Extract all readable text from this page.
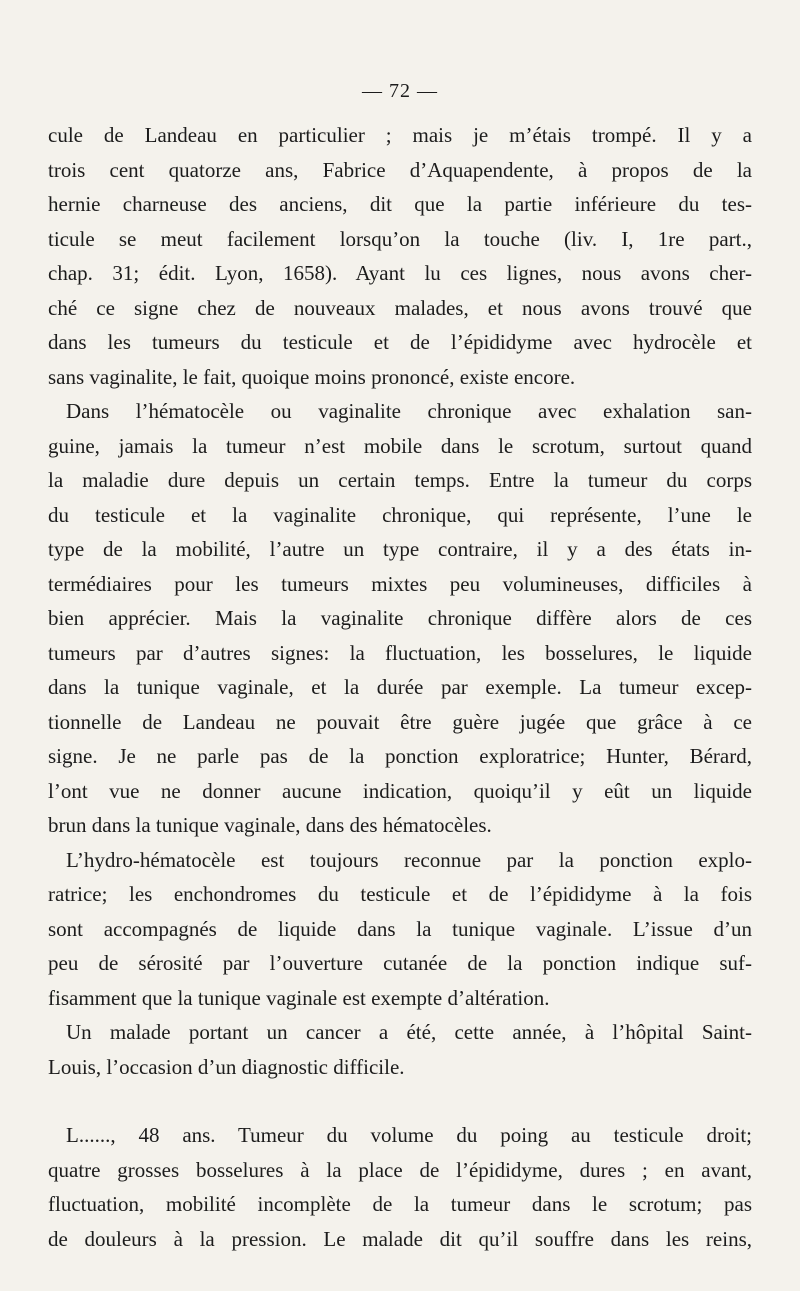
— 72 —
cule de Landeau en particulier ; mais je m’étais trompé. Il y a
trois cent quatorze ans, Fabrice d’Aquapendente, à propos de la
hernie charneuse des anciens, dit que la partie inférieure du tes-
ticule se meut facilement lorsqu’on la touche (liv. I, 1re part.,
chap. 31; édit. Lyon, 1658). Ayant lu ces lignes, nous avons cher-
ché ce signe chez de nouveaux malades, et nous avons trouvé que
dans les tumeurs du testicule et de l’épididyme avec hydrocèle et
sans vaginalite, le fait, quoique moins prononcé, existe encore.
Dans l’hématocèle ou vaginalite chronique avec exhalation san-
guine, jamais la tumeur n’est mobile dans le scrotum, surtout quand
la maladie dure depuis un certain temps. Entre la tumeur du corps
du testicule et la vaginalite chronique, qui représente, l’une le
type de la mobilité, l’autre un type contraire, il y a des états in-
termédiaires pour les tumeurs mixtes peu volumineuses, difficiles à
bien apprécier. Mais la vaginalite chronique diffère alors de ces
tumeurs par d’autres signes: la fluctuation, les bosselures, le liquide
dans la tunique vaginale, et la durée par exemple. La tumeur excep-
tionnelle de Landeau ne pouvait être guère jugée que grâce à ce
signe. Je ne parle pas de la ponction exploratrice; Hunter, Bérard,
l’ont vue ne donner aucune indication, quoiqu’il y eût un liquide
brun dans la tunique vaginale, dans des hématocèles.
L’hydro-hématocèle est toujours reconnue par la ponction explo-
ratrice; les enchondromes du testicule et de l’épididyme à la fois
sont accompagnés de liquide dans la tunique vaginale. L’issue d’un
peu de sérosité par l’ouverture cutanée de la ponction indique suf-
fisamment que la tunique vaginale est exempte d’altération.
Un malade portant un cancer a été, cette année, à l’hôpital Saint-
Louis, l’occasion d’un diagnostic difficile.
L......, 48 ans. Tumeur du volume du poing au testicule droit;
quatre grosses bosselures à la place de l’épididyme, dures ; en avant,
fluctuation, mobilité incomplète de la tumeur dans le scrotum; pas
de douleurs à la pression. Le malade dit qu’il souffre dans les reins,
